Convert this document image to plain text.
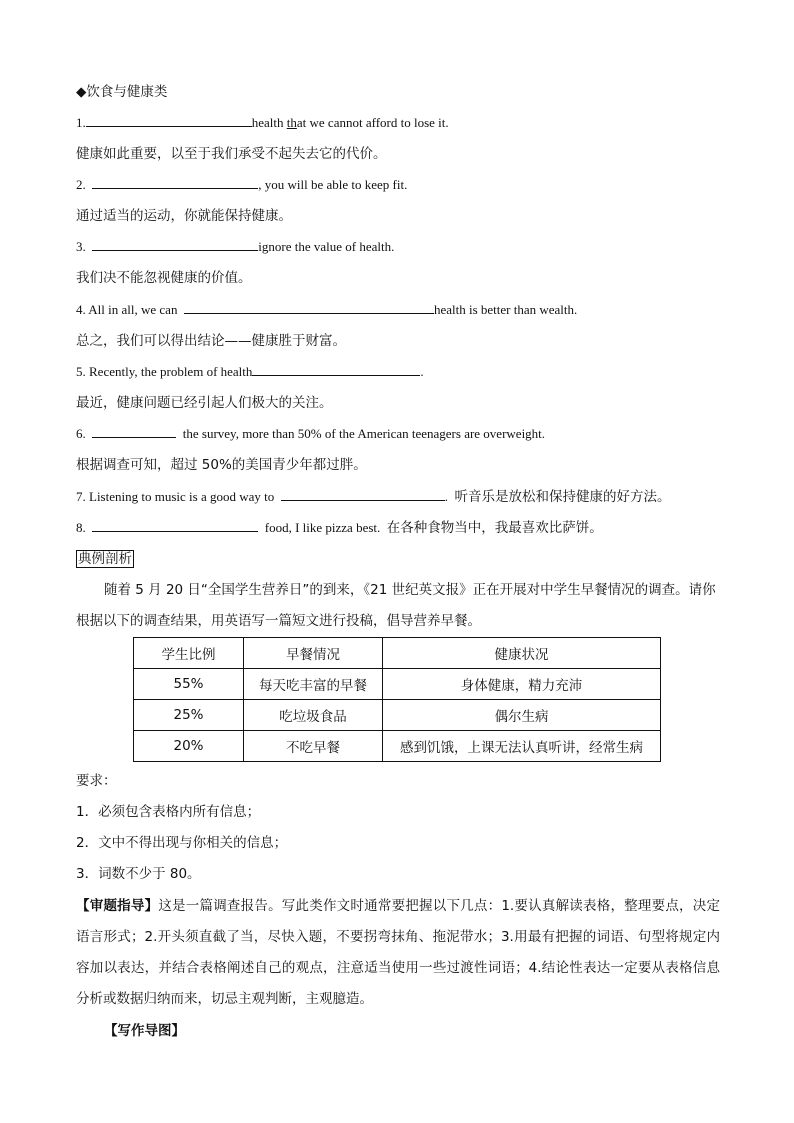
◆饮食与健康类
1.	health that we cannot afford to lose it.
健康如此重要，以至于我们承受不起失去它的代价。
2.	, you will be able to keep fit.
通过适当的运动，你就能保持健康。
3.	ignore the value of health.
我们决不能忽视健康的价值。
4. All in all, we can	health is better than wealth.
总之，我们可以得出结论——健康胜于财富。
5. Recently, the problem of health	.
最近，健康问题已经引起人们极大的关注。
6.	the survey, more than 50% of the American teenagers are overweight.
根据调查可知，超过 50%的美国青少年都过胖。
7. Listening to music is a good way to	. 听音乐是放松和保持健康的好方法。
8.	food, I like pizza best. 在各种食物当中，我最喜欢比萨饼。
典例剖析
随着 5 月 20 日“全国学生营养日”的到来，《21 世纪英文报》正在开展对中学生早餐情况的调查。请你
根据以下的调查结果，用英语写一篇短文进行投稿，倡导营养早餐。
学生比例	早餐情况	健康状况
55%	每天吃丰富的早餐	身体健康，精力充沛
25%	吃垃圾食品	偶尔生病
20%	不吃早餐	感到饥饿，上课无法认真听讲，经常生病
要求：
1．必须包含表格内所有信息；
2．文中不得出现与你相关的信息；
3．词数不少于 80。
【审题指导】这是一篇调查报告。写此类作文时通常要把握以下几点：1.要认真解读表格，整理要点，决定语言形式；2.开头须直截了当，尽快入题，不要拐弯抹角、拖泥带水；3.用最有把握的词语、句型将规定内容加以表达，并结合表格阐述自己的观点，注意适当使用一些过渡性词语；4.结论性表达一定要从表格信息分析或数据归纳而来，切忌主观判断，主观臆造。
【写作导图】
